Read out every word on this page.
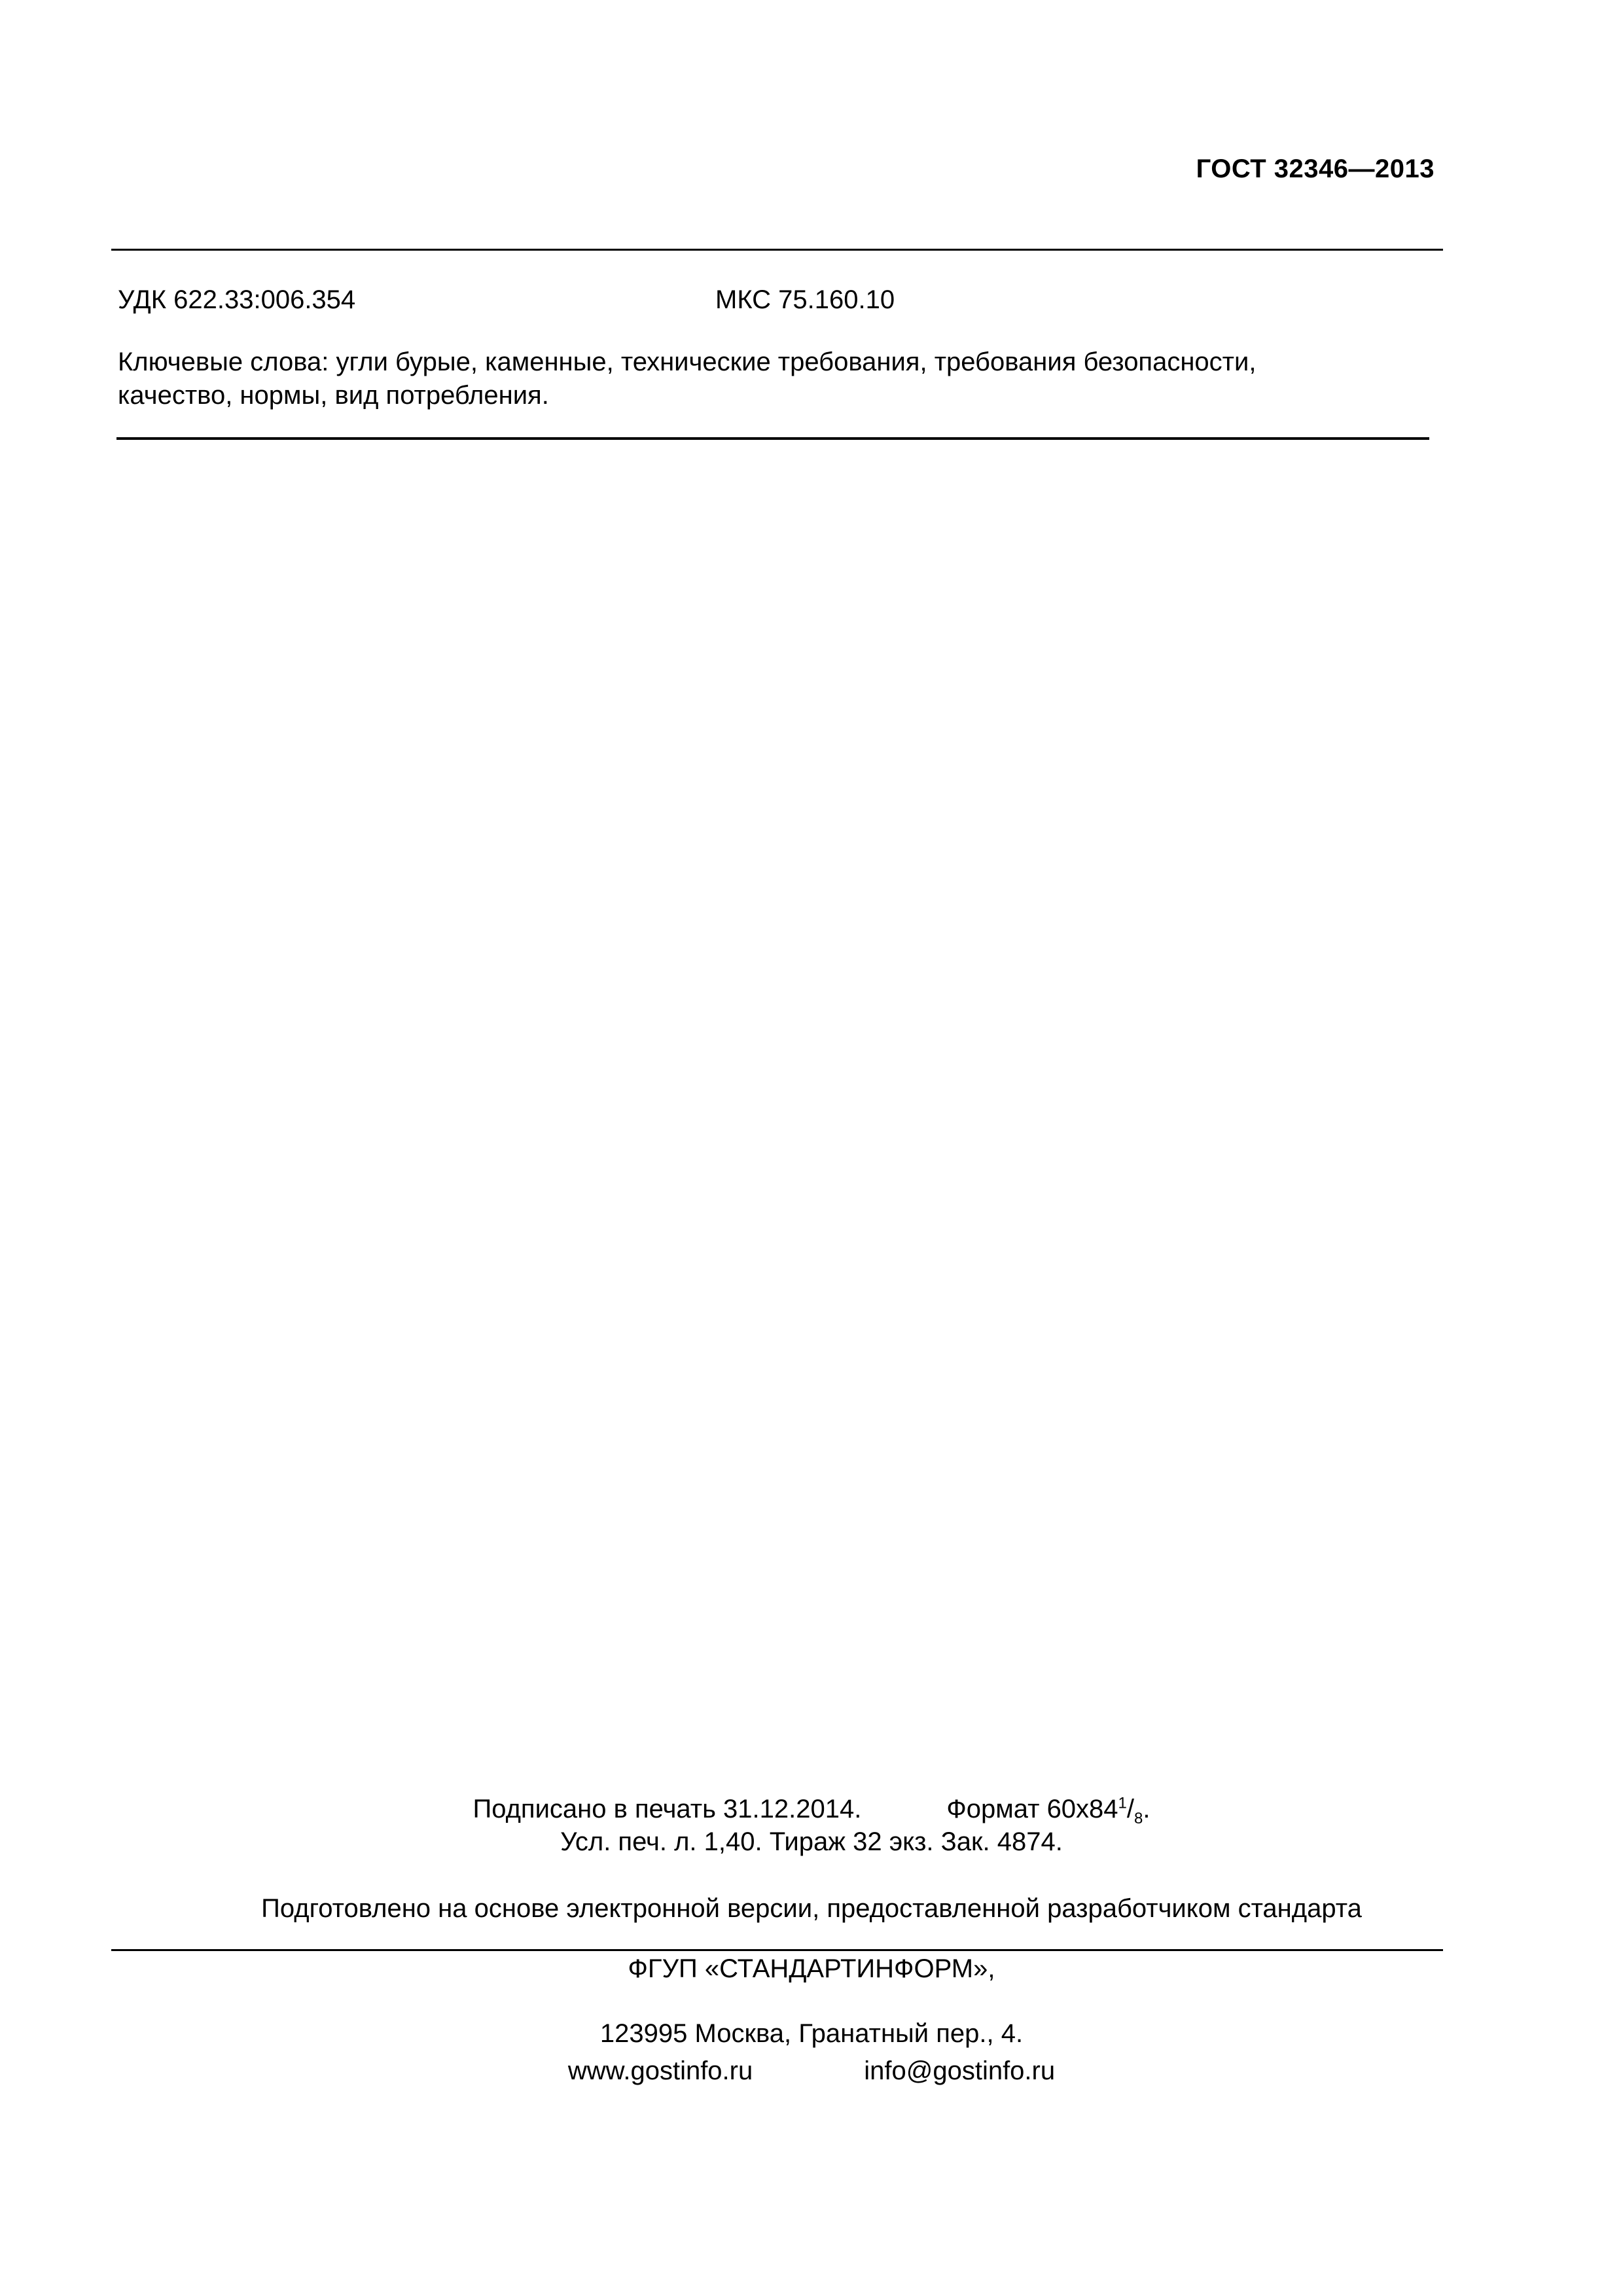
ГОСТ 32346—2013
УДК 622.33:006.354	МКС 75.160.10
Ключевые слова: угли бурые, каменные, технические требования, требования безопасности,
качество, нормы, вид потребления.
Подписано в печать 31.12.2014.	Формат $60x84^1/_8$.
Усл. печ. л. 1,40. Тираж 32 экз. Зак. 4874.
Подготовлено на основе электронной версии, предоставленной разработчиком стандарта
ФГУП «СТАНДАРТИНФОРМ»,
123995 Москва, Гранатный пер., 4.
www.gostinfo.ru	info@gostinfo.ru
